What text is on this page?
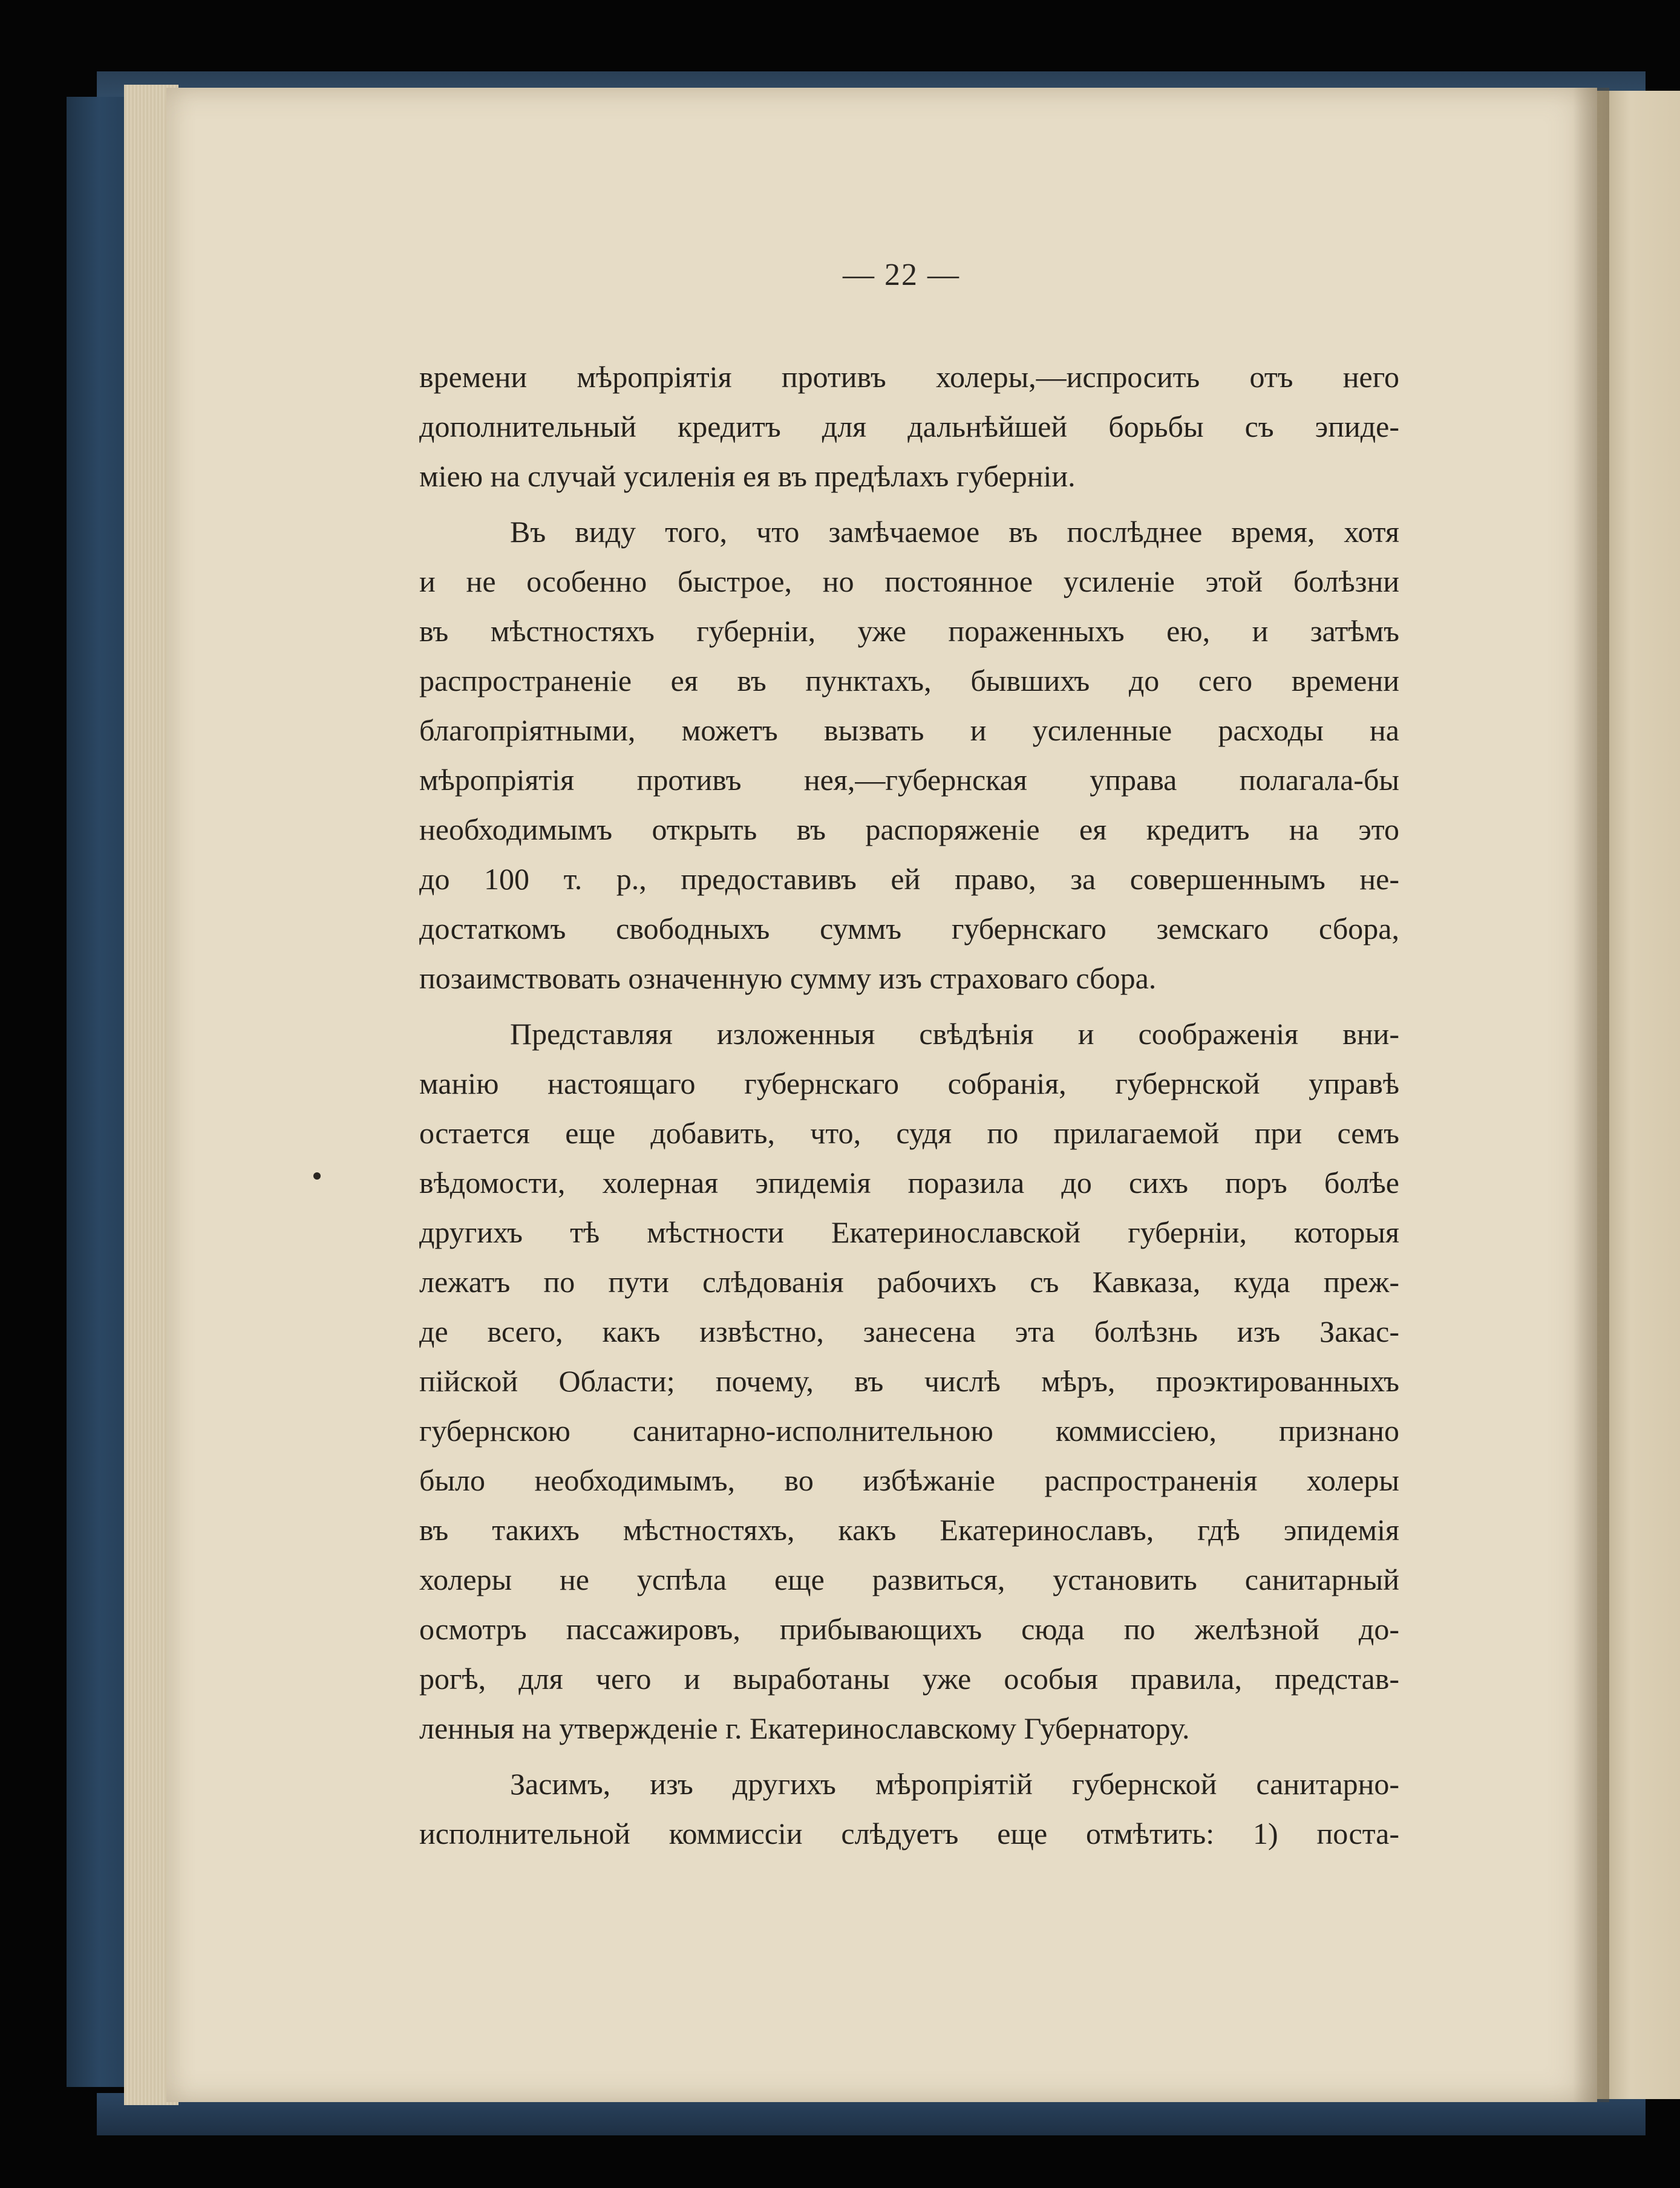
— 22 —
времени мѣропріятія противъ холеры,—испросить отъ него
дополнительный кредитъ для дальнѣйшей борьбы съ эпиде-
міею на случай усиленія ея въ предѣлахъ губерніи.
Въ виду того, что замѣчаемое въ послѣднее время, хотя
и не особенно быстрое, но постоянное усиленіе этой болѣзни
въ мѣстностяхъ губерніи, уже пораженныхъ ею, и затѣмъ
распространеніе ея въ пунктахъ, бывшихъ до сего времени
благопріятными, можетъ вызвать и усиленные расходы на
мѣропріятія противъ нея,—губернская управа полагала-бы
необходимымъ открыть въ распоряженіе ея кредитъ на это
до 100 т. р., предоставивъ ей право, за совершеннымъ не-
достаткомъ свободныхъ суммъ губернскаго земскаго сбора,
позаимствовать означенную сумму изъ страховаго сбора.
Представляя изложенныя свѣдѣнія и соображенія вни-
манію настоящаго губернскаго собранія, губернской управѣ
остается еще добавить, что, судя по прилагаемой при семъ
вѣдомости, холерная эпидемія поразила до сихъ поръ болѣе
другихъ тѣ мѣстности Екатеринославской губерніи, которыя
лежатъ по пути слѣдованія рабочихъ съ Кавказа, куда преж-
де всего, какъ извѣстно, занесена эта болѣзнь изъ Закас-
пійской Области; почему, въ числѣ мѣръ, проэктированныхъ
губернскою санитарно-исполнительною коммиссіею, признано
было необходимымъ, во избѣжаніе распространенія холеры
въ такихъ мѣстностяхъ, какъ Екатеринославъ, гдѣ эпидемія
холеры не успѣла еще развиться, установить санитарный
осмотръ пассажировъ, прибывающихъ сюда по желѣзной до-
рогѣ, для чего и выработаны уже особыя правила, представ-
ленныя на утвержденіе г. Екатеринославскому Губернатору.
Засимъ, изъ другихъ мѣропріятій губернской санитарно-
исполнительной коммиссіи слѣдуетъ еще отмѣтить: 1) поста-
